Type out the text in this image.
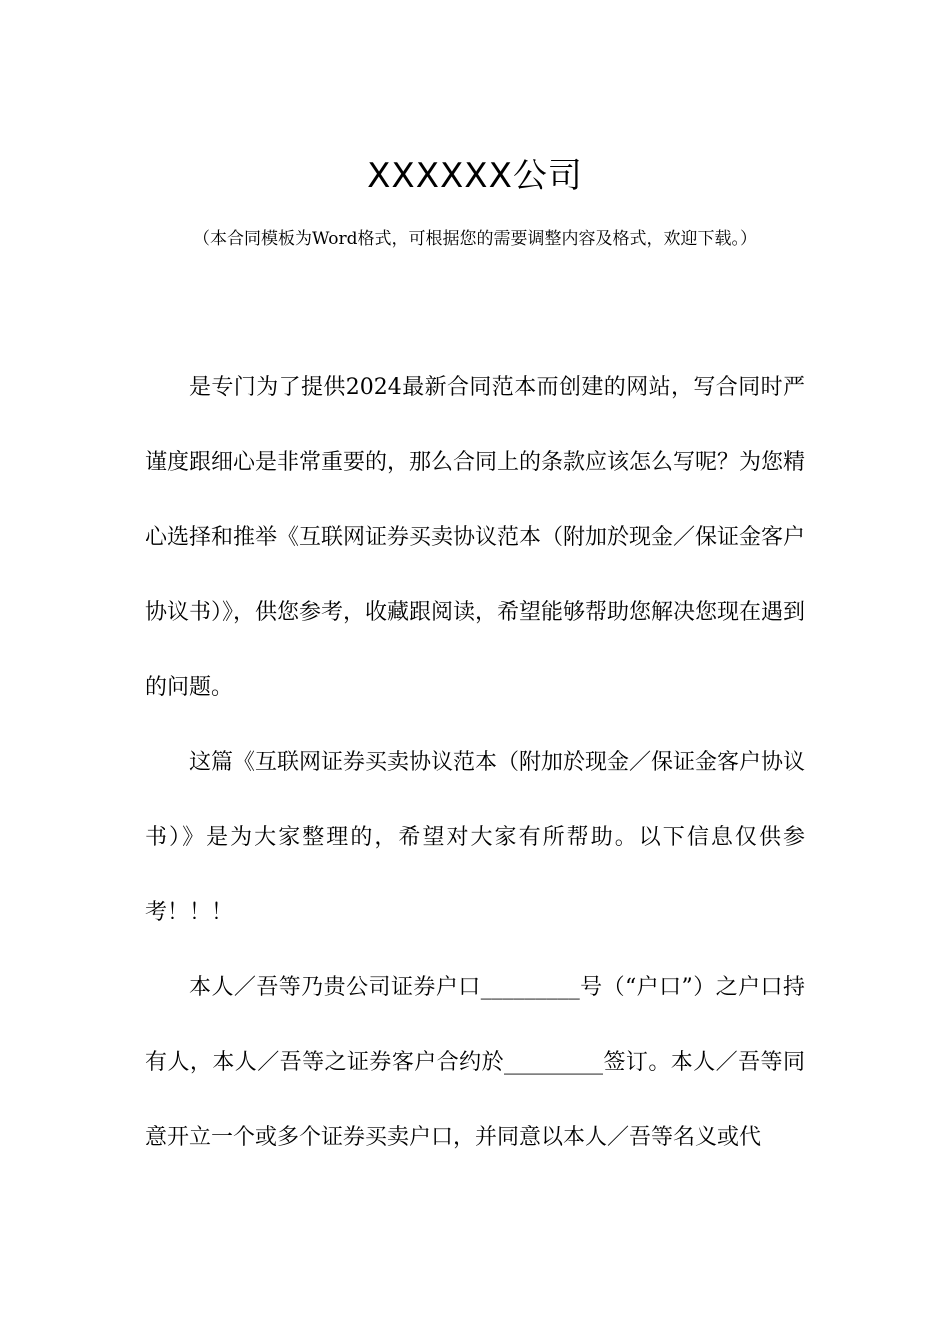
XXXXXX公司

（本合同模板为Word格式，可根据您的需要调整内容及格式，欢迎下载。）

是专门为了提供2024最新合同范本而创建的网站，写合同时严谨度跟细心是非常重要的，那么合同上的条款应该怎么写呢？为您精心选择和推举《互联网证券买卖协议范本（附加於现金／保证金客户协议书）》，供您参考，收藏跟阅读，希望能够帮助您解决您现在遇到的问题。

这篇《互联网证券买卖协议范本（附加於现金／保证金客户协议书）》是为大家整理的，希望对大家有所帮助。以下信息仅供参考！！！

本人／吾等乃贵公司证券户口_________号（“户口”）之户口持有人，本人／吾等之证券客户合约於_________签订。本人／吾等同意开立一个或多个证券买卖户口，并同意以本人／吾等名义或代
